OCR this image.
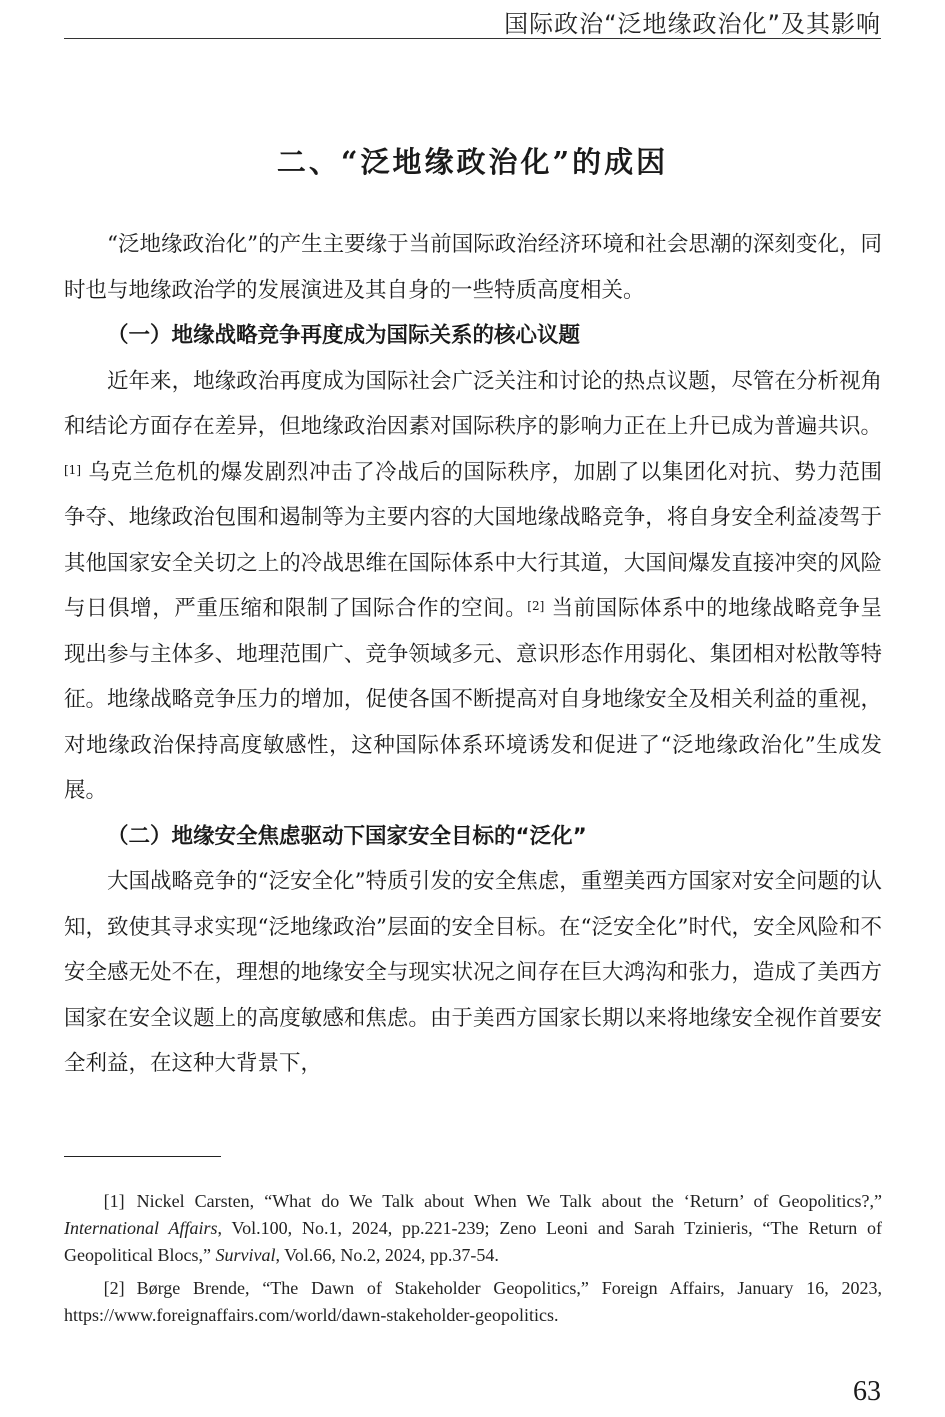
国际政治“泛地缘政治化”及其影响
二、“泛地缘政治化”的成因

“泛地缘政治化”的产生主要缘于当前国际政治经济环境和社会思潮的深刻变化，同时也与地缘政治学的发展演进及其自身的一些特质高度相关。

（一）地缘战略竞争再度成为国际关系的核心议题

近年来，地缘政治再度成为国际社会广泛关注和讨论的热点议题，尽管在分析视角和结论方面存在差异，但地缘政治因素对国际秩序的影响力正在上升已成为普遍共识。[1] 乌克兰危机的爆发剧烈冲击了冷战后的国际秩序，加剧了以集团化对抗、势力范围争夺、地缘政治包围和遏制等为主要内容的大国地缘战略竞争，将自身安全利益凌驾于其他国家安全关切之上的冷战思维在国际体系中大行其道，大国间爆发直接冲突的风险与日俱增，严重压缩和限制了国际合作的空间。[2] 当前国际体系中的地缘战略竞争呈现出参与主体多、地理范围广、竞争领域多元、意识形态作用弱化、集团相对松散等特征。地缘战略竞争压力的增加，促使各国不断提高对自身地缘安全及相关利益的重视，对地缘政治保持高度敏感性，这种国际体系环境诱发和促进了“泛地缘政治化”生成发展。

（二）地缘安全焦虑驱动下国家安全目标的“泛化”

大国战略竞争的“泛安全化”特质引发的安全焦虑，重塑美西方国家对安全问题的认知，致使其寻求实现“泛地缘政治”层面的安全目标。在“泛安全化”时代，安全风险和不安全感无处不在，理想的地缘安全与现实状况之间存在巨大鸿沟和张力，造成了美西方国家在安全议题上的高度敏感和焦虑。由于美西方国家长期以来将地缘安全视作首要安全利益，在这种大背景下，

[1] Nickel Carsten, “What do We Talk about When We Talk about the ‘Return’ of Geopolitics?,” International Affairs, Vol.100, No.1, 2024, pp.221-239; Zeno Leoni and Sarah Tzinieris, “The Return of Geopolitical Blocs,” Survival, Vol.66, No.2, 2024, pp.37-54.

[2] Børge Brende, “The Dawn of Stakeholder Geopolitics,” Foreign Affairs, January 16, 2023, https://www.foreignaffairs.com/world/dawn-stakeholder-geopolitics.

63
